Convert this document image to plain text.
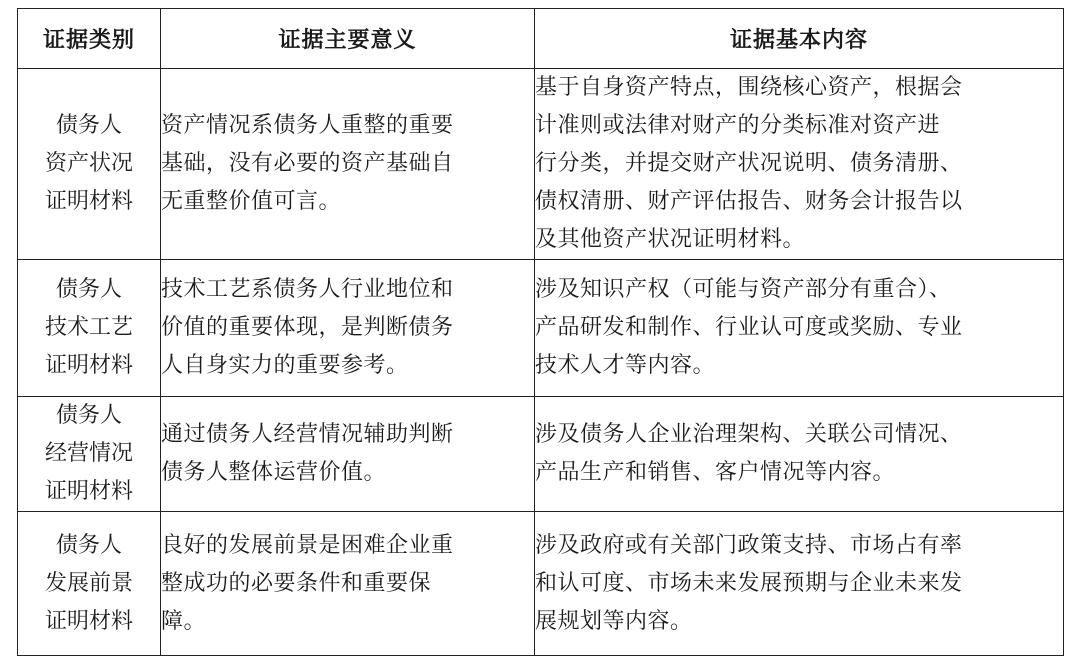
证据类别	证据主要意义	证据基本内容

债务人
资产状况
证明材料	资产情况系债务人重整的重要
基础，没有必要的资产基础自
无重整价值可言。	基于自身资产特点，围绕核心资产，根据会
计准则或法律对财产的分类标准对资产进
行分类，并提交财产状况说明、债务清册、
债权清册、财产评估报告、财务会计报告以
及其他资产状况证明材料。

债务人
技术工艺
证明材料	技术工艺系债务人行业地位和
价值的重要体现，是判断债务
人自身实力的重要参考。	涉及知识产权（可能与资产部分有重合）、
产品研发和制作、行业认可度或奖励、专业
技术人才等内容。

债务人
经营情况
证明材料	通过债务人经营情况辅助判断
债务人整体运营价值。	涉及债务人企业治理架构、关联公司情况、
产品生产和销售、客户情况等内容。

债务人
发展前景
证明材料	良好的发展前景是困难企业重
整成功的必要条件和重要保
障。	涉及政府或有关部门政策支持、市场占有率
和认可度、市场未来发展预期与企业未来发
展规划等内容。
